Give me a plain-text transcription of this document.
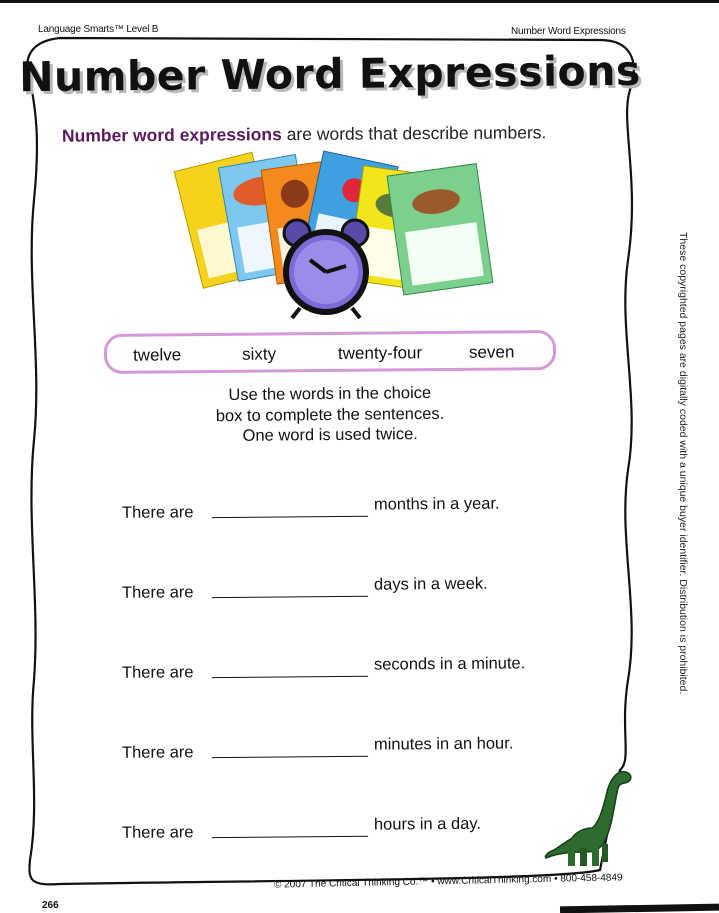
Language Smarts™ Level B	Number Word Expressions
Number Word Expressions
Number word expressions are words that describe numbers.
twelve	sixty	twenty-four	seven
Use the words in the choice
box to complete the sentences.
One word is used twice.
There are	months in a year.
There are	days in a week.
There are	seconds in a minute.
There are	minutes in an hour.
There are	hours in a day.
These copyrighted pages are digitally coded with a unique buyer identifier. Distribution is prohibited.
© 2007 The Critical Thinking Co.™ • www.CriticalThinking.com • 800-458-4849
266
